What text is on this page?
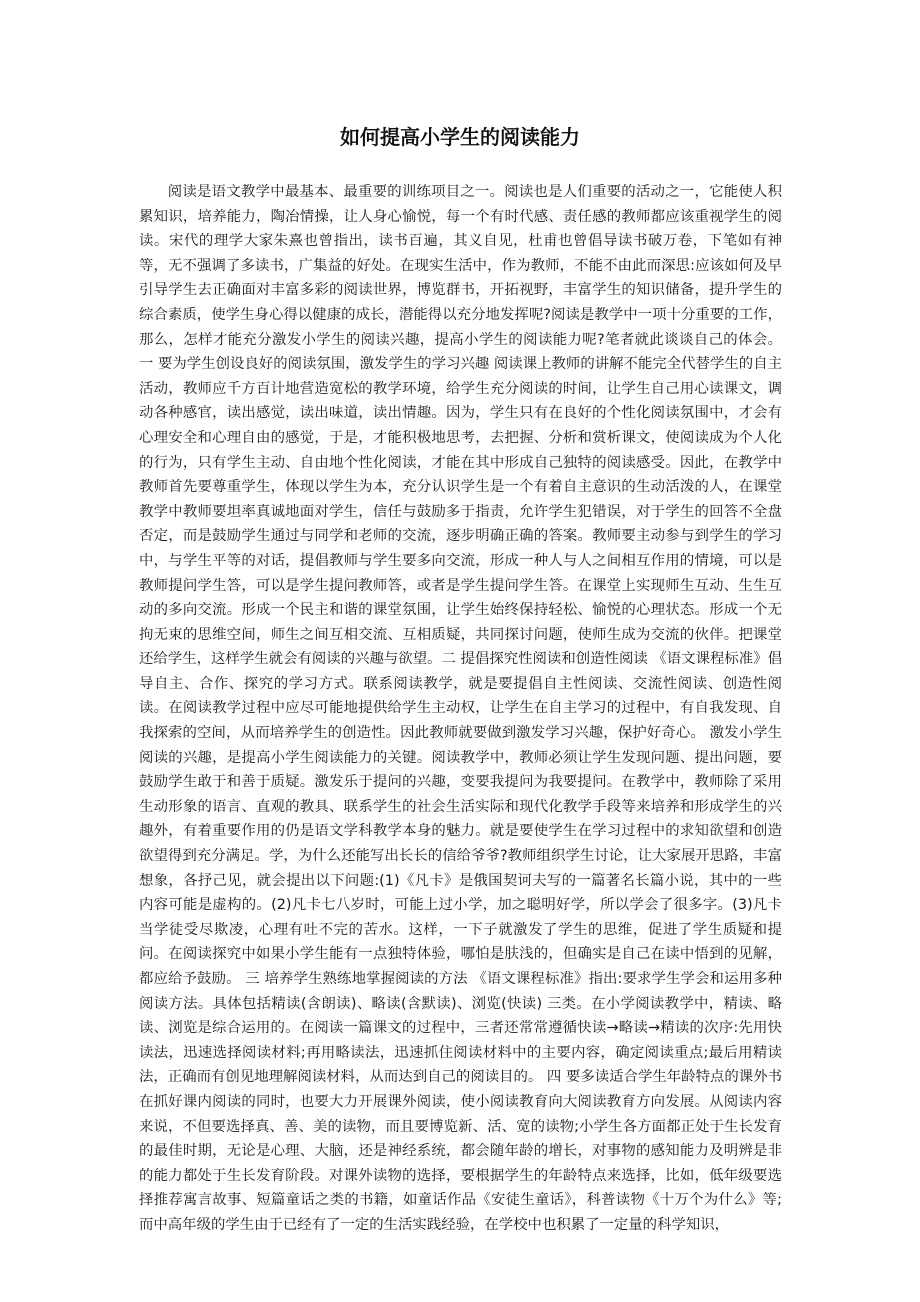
如何提高小学生的阅读能力

阅读是语文教学中最基本、最重要的训练项目之一。阅读也是人们重要的活动之一，它能使人积累知识，培养能力，陶冶情操，让人身心愉悦，每一个有时代感、责任感的教师都应该重视学生的阅读。宋代的理学大家朱熹也曾指出，读书百遍，其义自见，杜甫也曾倡导读书破万卷，下笔如有神等，无不强调了多读书，广集益的好处。在现实生活中，作为教师，不能不由此而深思:应该如何及早引导学生去正确面对丰富多彩的阅读世界，博览群书，开拓视野，丰富学生的知识储备，提升学生的综合素质，使学生身心得以健康的成长，潜能得以充分地发挥呢?阅读是教学中一项十分重要的工作，那么，怎样才能充分激发小学生的阅读兴趣，提高小学生的阅读能力呢?笔者就此谈谈自己的体会。 一 要为学生创设良好的阅读氛围，激发学生的学习兴趣 阅读课上教师的讲解不能完全代替学生的自主活动，教师应千方百计地营造宽松的教学环境，给学生充分阅读的时间，让学生自己用心读课文，调动各种感官，读出感觉，读出味道，读出情趣。因为，学生只有在良好的个性化阅读氛围中，才会有心理安全和心理自由的感觉，于是，才能积极地思考，去把握、分析和赏析课文，使阅读成为个人化的行为，只有学生主动、自由地个性化阅读，才能在其中形成自己独特的阅读感受。因此，在教学中教师首先要尊重学生，体现以学生为本，充分认识学生是一个有着自主意识的生动活泼的人，在课堂教学中教师要坦率真诚地面对学生，信任与鼓励多于指责，允许学生犯错误，对于学生的回答不全盘否定，而是鼓励学生通过与同学和老师的交流，逐步明确正确的答案。教师要主动参与到学生的学习中，与学生平等的对话，提倡教师与学生要多向交流，形成一种人与人之间相互作用的情境，可以是教师提问学生答，可以是学生提问教师答，或者是学生提问学生答。在课堂上实现师生互动、生生互动的多向交流。形成一个民主和谐的课堂氛围，让学生始终保持轻松、愉悦的心理状态。形成一个无拘无束的思维空间，师生之间互相交流、互相质疑，共同探讨问题，使师生成为交流的伙伴。把课堂还给学生，这样学生就会有阅读的兴趣与欲望。二 提倡探究性阅读和创造性阅读 《语文课程标准》倡导自主、合作、探究的学习方式。联系阅读教学，就是要提倡自主性阅读、交流性阅读、创造性阅读。在阅读教学过程中应尽可能地提供给学生主动权，让学生在自主学习的过程中，有自我发现、自我探索的空间，从而培养学生的创造性。因此教师就要做到激发学习兴趣，保护好奇心。 激发小学生阅读的兴趣，是提高小学生阅读能力的关键。阅读教学中，教师必须让学生发现问题、提出问题，要鼓励学生敢于和善于质疑。激发乐于提问的兴趣，变要我提问为我要提问。在教学中，教师除了采用生动形象的语言、直观的教具、联系学生的社会生活实际和现代化教学手段等来培养和形成学生的兴趣外，有着重要作用的仍是语文学科教学本身的魅力。就是要使学生在学习过程中的求知欲望和创造欲望得到充分满足。学，为什么还能写出长长的信给爷爷?教师组织学生讨论，让大家展开思路，丰富想象，各抒己见，就会提出以下问题:(1)《凡卡》是俄国契诃夫写的一篇著名长篇小说，其中的一些内容可能是虚构的。(2)凡卡七八岁时，可能上过小学，加之聪明好学，所以学会了很多字。(3)凡卡当学徒受尽欺凌，心理有吐不完的苦水。这样，一下子就激发了学生的思维，促进了学生质疑和提问。在阅读探究中如果小学生能有一点独特体验，哪怕是肤浅的，但确实是自己在读中悟到的见解，都应给予鼓励。 三 培养学生熟练地掌握阅读的方法 《语文课程标准》指出:要求学生学会和运用多种阅读方法。具体包括精读(含朗读)、略读(含默读)、浏览(快读) 三类。在小学阅读教学中，精读、略读、浏览是综合运用的。在阅读一篇课文的过程中，三者还常常遵循快读→略读→精读的次序:先用快读法，迅速选择阅读材料;再用略读法，迅速抓住阅读材料中的主要内容，确定阅读重点;最后用精读法，正确而有创见地理解阅读材料，从而达到自己的阅读目的。 四 要多读适合学生年龄特点的课外书 在抓好课内阅读的同时，也要大力开展课外阅读，使小阅读教育向大阅读教育方向发展。从阅读内容来说，不但要选择真、善、美的读物，而且要博览新、活、宽的读物;小学生各方面都正处于生长发育的最佳时期，无论是心理、大脑，还是神经系统，都会随年龄的增长，对事物的感知能力及明辨是非的能力都处于生长发育阶段。对课外读物的选择，要根据学生的年龄特点来选择，比如，低年级要选择推荐寓言故事、短篇童话之类的书籍，如童话作品《安徒生童话》，科普读物《十万个为什么》等;而中高年级的学生由于已经有了一定的生活实践经验，在学校中也积累了一定量的科学知识，
